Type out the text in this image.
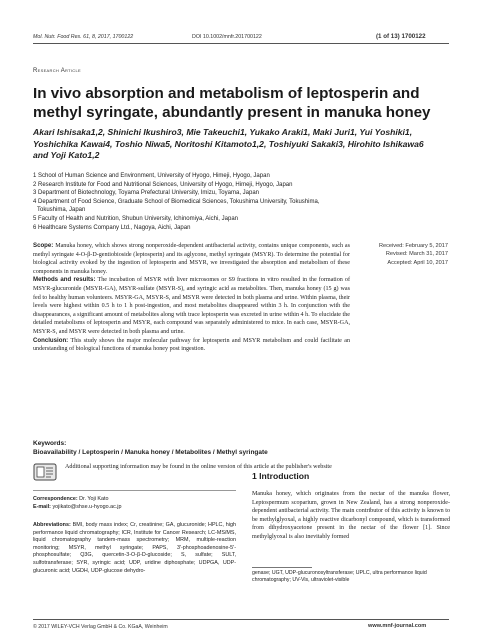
Mol. Nutr. Food Res. 61, 8, 2017, 1700122	DOI 10.1002/mnfr.201700122	(1 of 13) 1700122
Research Article
In vivo absorption and metabolism of leptosperin and methyl syringate, abundantly present in manuka honey
Akari Ishisaka1,2, Shinichi Ikushiro3, Mie Takeuchi1, Yukako Araki1, Maki Juri1, Yui Yoshiki1,
Yoshichika Kawai4, Toshio Niwa5, Noritoshi Kitamoto1,2, Toshiyuki Sakaki3, Hirohito Ishikawa6
and Yoji Kato1,2
1 School of Human Science and Environment, University of Hyogo, Himeji, Hyogo, Japan
2 Research Institute for Food and Nutritional Sciences, University of Hyogo, Himeji, Hyogo, Japan
3 Department of Biotechnology, Toyama Prefectural University, Imizu, Toyama, Japan
4 Department of Food Science, Graduate School of Biomedical Sciences, Tokushima University, Tokushima,
Tokushima, Japan
5 Faculty of Health and Nutrition, Shubun University, Ichinomiya, Aichi, Japan
6 Healthcare Systems Company Ltd., Nagoya, Aichi, Japan

Scope: Manuka honey, which shows strong nonperoxide-dependent antibacterial activity, contains unique components, such as methyl syringate 4-O-β-D-gentiobioside (leptosperin) and its aglycone, methyl syringate (MSYR). To determine the potential for biological activity evoked by the ingestion of leptosperin and MSYR, we investigated the absorption and metabolism of these components in manuka honey.

Methods and results: The incubation of MSYR with liver microsomes or S9 fractions in vitro resulted in the formation of MSYR-glucuronide (MSYR-GA), MSYR-sulfate (MSYR-S), and syringic acid as metabolites. Then, manuka honey (15 g) was fed to healthy human volunteers. MSYR-GA, MSYR-S, and MSYR were detected in both plasma and urine. Within plasma, their levels were highest within 0.5 h to 1 h post-ingestion, and most metabolites disappeared within 3 h. In conjunction with the disappearances, a significant amount of metabolites along with trace leptosperin was excreted in urine within 4 h. To elucidate the detailed metabolisms of leptosperin and MSYR, each compound was separately administered to mice. In each case, MSYR-GA, MSYR-S, and MSYR were detected in both plasma and urine.

Conclusion: This study shows the major molecular pathway for leptosperin and MSYR metabolism and could facilitate an understanding of biological functions of manuka honey post ingestion.

Received: February 5, 2017
Revised: March 31, 2017
Accepted: April 10, 2017
Keywords:
Bioavailability / Leptosperin / Manuka honey / Metabolites / Methyl syringate
Additional supporting information may be found in the online version of this article at the publisher's website
Correspondence: Dr. Yoji Kato
E-mail: yojikato@shse.u-hyogo.ac.jp
Abbreviations: BMI, body mass index; Cr, creatinine; GA, glucuronide; HPLC, high performance liquid chromatography; ICR, Institute for Cancer Research; LC-MS/MS, liquid chromatography tandem-mass spectrometry; MRM, multiple-reaction monitoring; MSYR, methyl syringate; PAPS, 3'-phosphoadenosine-5'-phosphosulfate; Q3G, quercetin-3-O-β-D-glucoside; S, sulfate; SULT, sulfotransferase; SYR, syringic acid; UDP, uridine diphosphate; UDPGA, UDP-glucuronic acid; UGDH, UDP-glucose dehydro-
1 Introduction
Manuka honey, which originates from the nectar of the manuka flower, Leptospermum scoparium, grown in New Zealand, has a strong nonperoxide-dependent antibacterial activity. The main contributor of this activity is known to be methylglyoxal, a highly reactive dicarbonyl compound, which is transformed from dihydroxyacetone present in the nectar of the flower [1]. Since methylglyoxal is also inevitably formed
genase; UGT, UDP-glucuronosyltransferase; UPLC, ultra performance liquid chromatography; UV-Vis, ultraviolet-visible
© 2017 WILEY-VCH Verlag GmbH & Co. KGaA, Weinheim	www.mnf-journal.com
